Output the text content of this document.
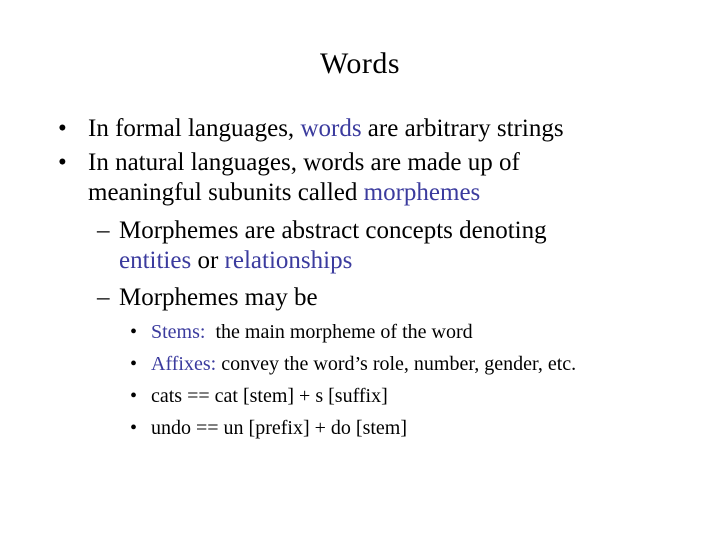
Words
• In formal languages, words are arbitrary strings
• In natural languages, words are made up of
meaningful subunits called morphemes
– Morphemes are abstract concepts denoting
entities or relationships
– Morphemes may be
• Stems:  the main morpheme of the word
• Affixes: convey the word’s role, number, gender, etc.
• cats == cat [stem] + s [suffix]
• undo == un [prefix] + do [stem]
